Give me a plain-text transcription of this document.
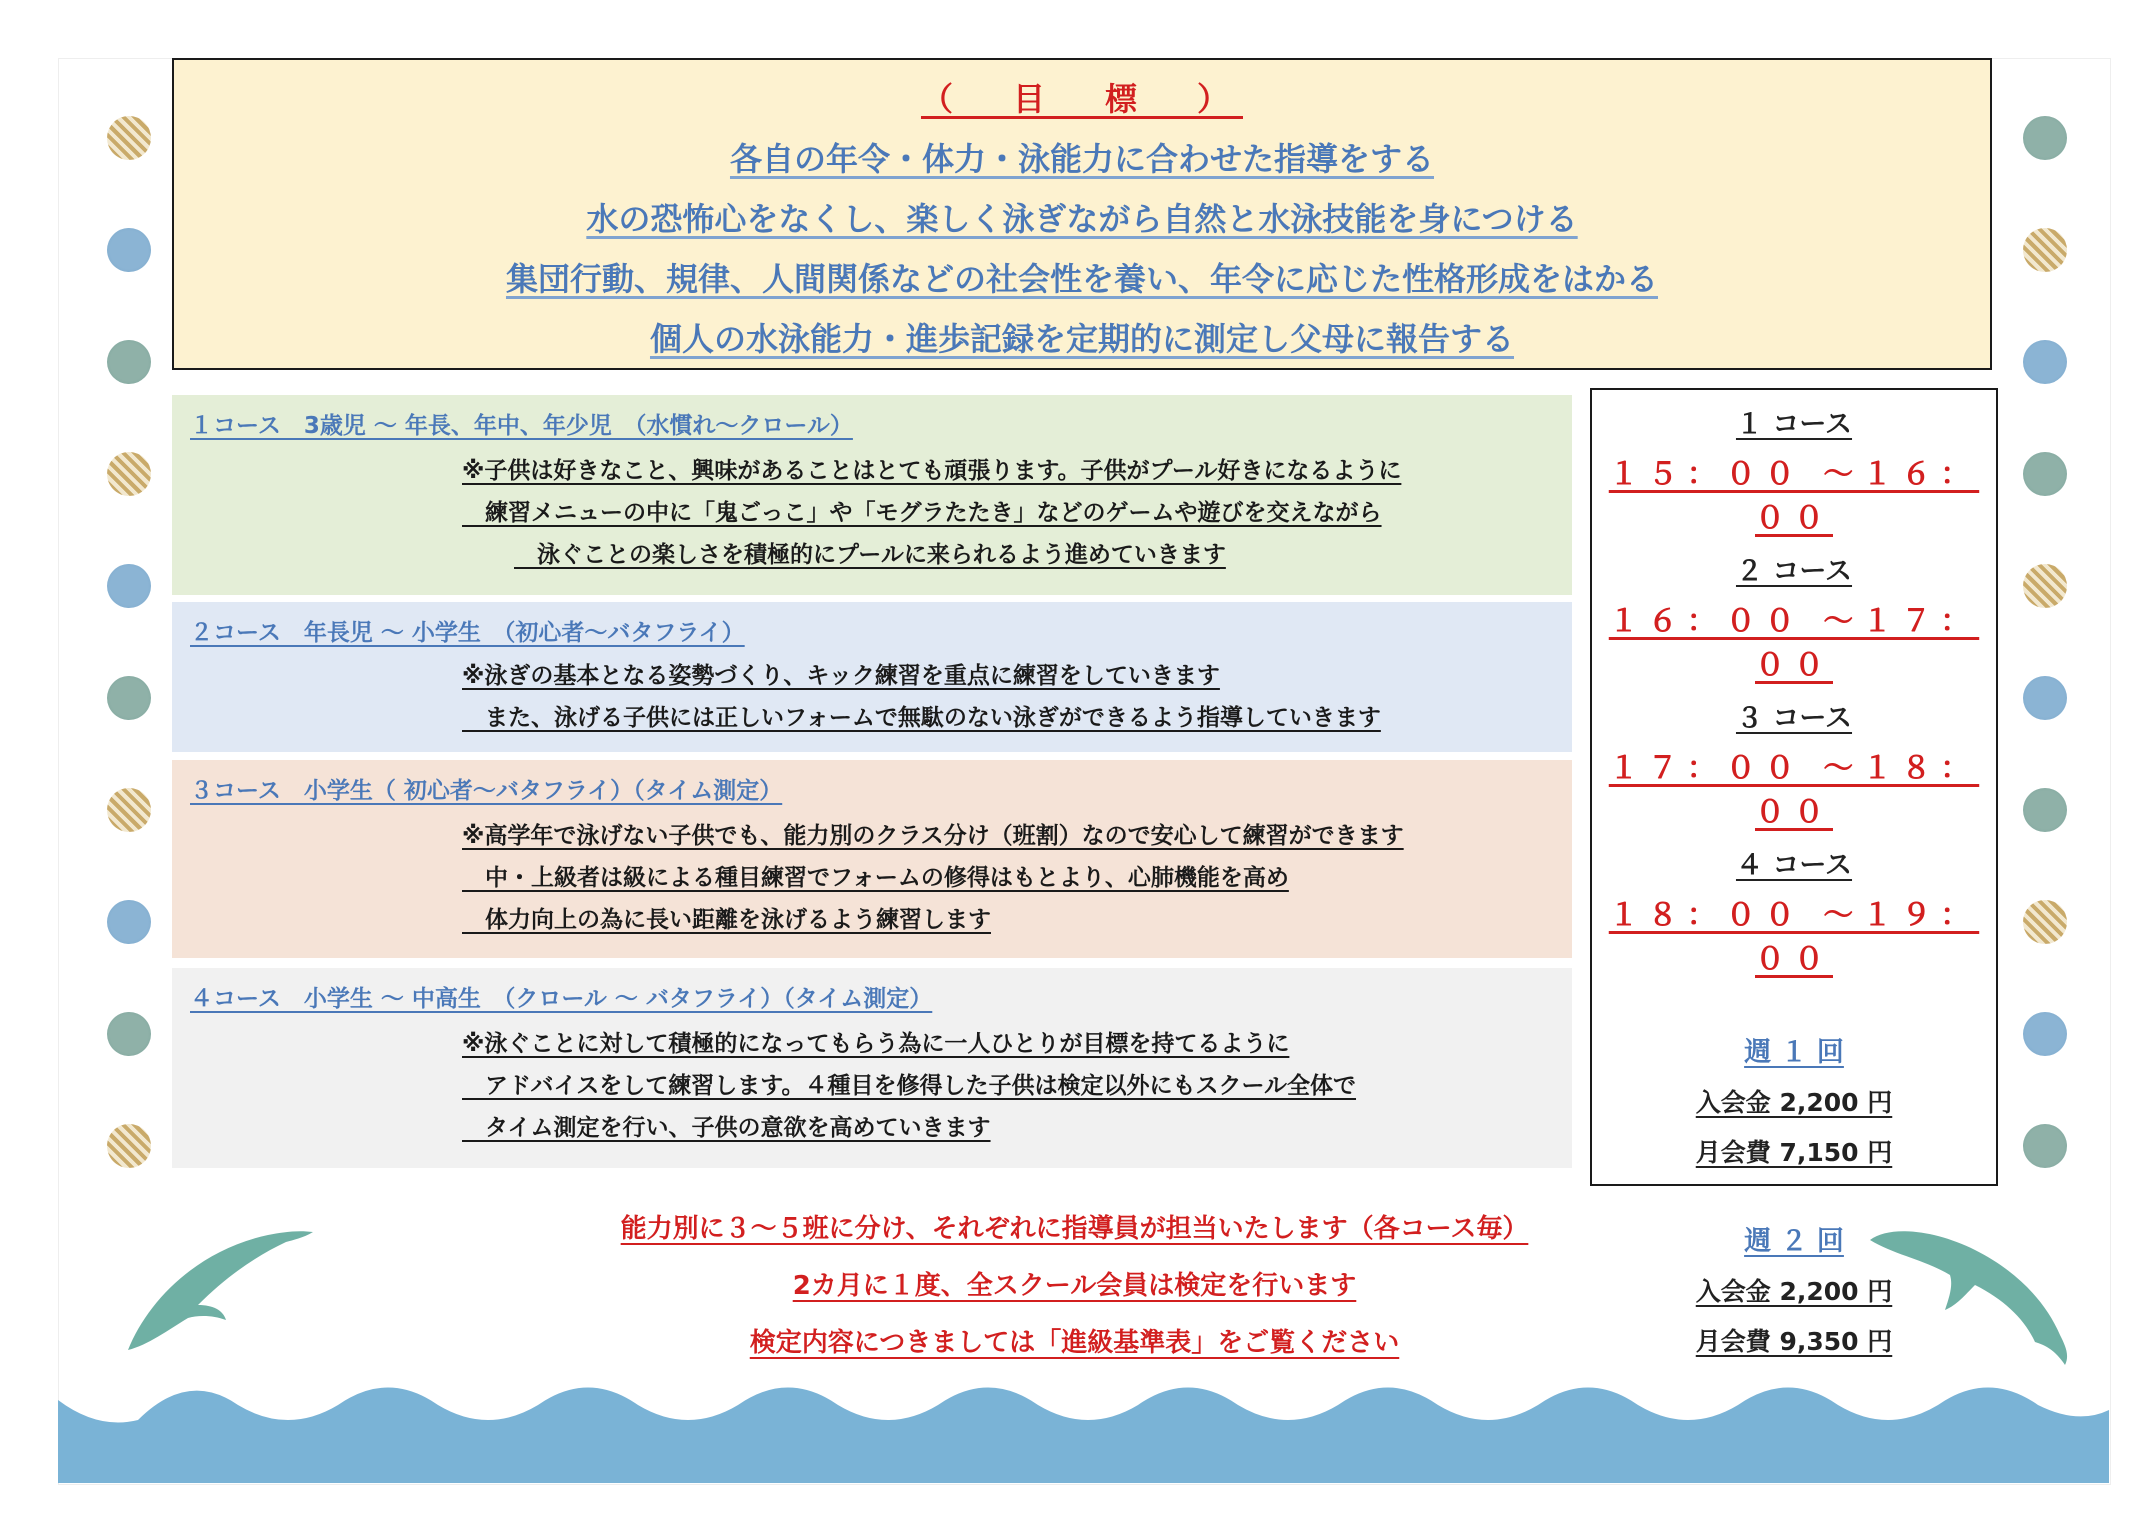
（　目　標　）
各自の年令・体力・泳能力に合わせた指導をする
水の恐怖心をなくし、楽しく泳ぎながら自然と水泳技能を身につける
集団行動、規律、人間関係などの社会性を養い、年令に応じた性格形成をはかる
個人の水泳能力・進歩記録を定期的に測定し父母に報告する
１コース　3歳児 ～ 年長、年中、年少児　（水慣れ～クロール）
※子供は好きなこと、興味があることはとても頑張ります。子供がプール好きになるように
　練習メニューの中に「鬼ごっこ」や「モグラたたき」などのゲームや遊びを交えながら
　泳ぐことの楽しさを積極的にプールに来られるよう進めていきます
２コース　年長児 ～ 小学生　（初心者～バタフライ）
※泳ぎの基本となる姿勢づくり、キック練習を重点に練習をしていきます
　また、泳げる子供には正しいフォームで無駄のない泳ぎができるよう指導していきます
３コース　小学生（ 初心者～バタフライ）（タイム測定）
※高学年で泳げない子供でも、能力別のクラス分け（班割）なので安心して練習ができます
　中・上級者は級による種目練習でフォームの修得はもとより、心肺機能を高め
　体力向上の為に長い距離を泳げるよう練習します
４コース　小学生 ～ 中高生　（クロール ～ バタフライ）（タイム測定）
※泳ぐことに対して積極的になってもらう為に一人ひとりが目標を持てるように
　アドバイスをして練習します。４種目を修得した子供は検定以外にもスクール全体で
　タイム測定を行い、子供の意欲を高めていきます
１ コース
１５：００ ～１６：００
２ コース
１６：００ ～１７：００
３ コース
１７：００ ～１８：００
４ コース
１８：００ ～１９：００
週 １ 回
入会金 2,200 円
月会費 7,150 円
週 ２ 回
入会金 2,200 円
月会費 9,350 円
能力別に３～５班に分け、それぞれに指導員が担当いたします（各コース毎）
2カ月に１度、全スクール会員は検定を行います
検定内容につきましては「進級基準表」をご覧ください
